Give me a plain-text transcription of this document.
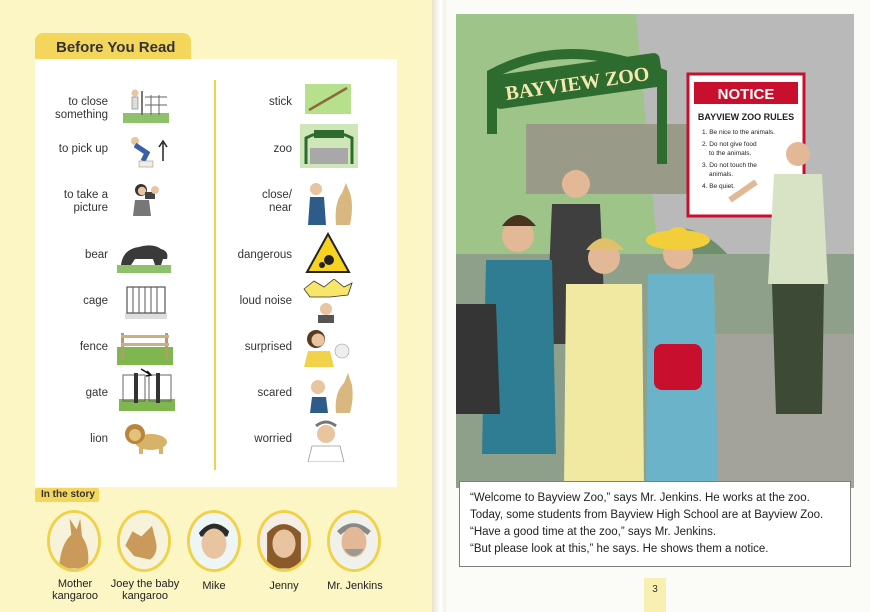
Before You Read
to close
something
to pick up
to take a
picture
bear
cage
fence
gate
lion
stick
zoo
close/
near
dangerous
loud noise
surprised
scared
worried
In the story
Mother
kangaroo
Joey the baby
kangaroo
Mike	Jenny	Mr. Jenkins
BAYVIEW ZOO	NOTICE
BAYVIEW ZOO RULES
1. Be nice to the animals.
2. Do not give food
to the animals.
3. Do not touch the
animals.
4. Be quiet.

“Welcome to Bayview Zoo,” says Mr. Jenkins. He works at the zoo.

Today, some students from Bayview High School are at Bayview Zoo.

“Have a good time at the zoo,” says Mr. Jenkins.

“But please look at this,” he says. He shows them a notice.

3
